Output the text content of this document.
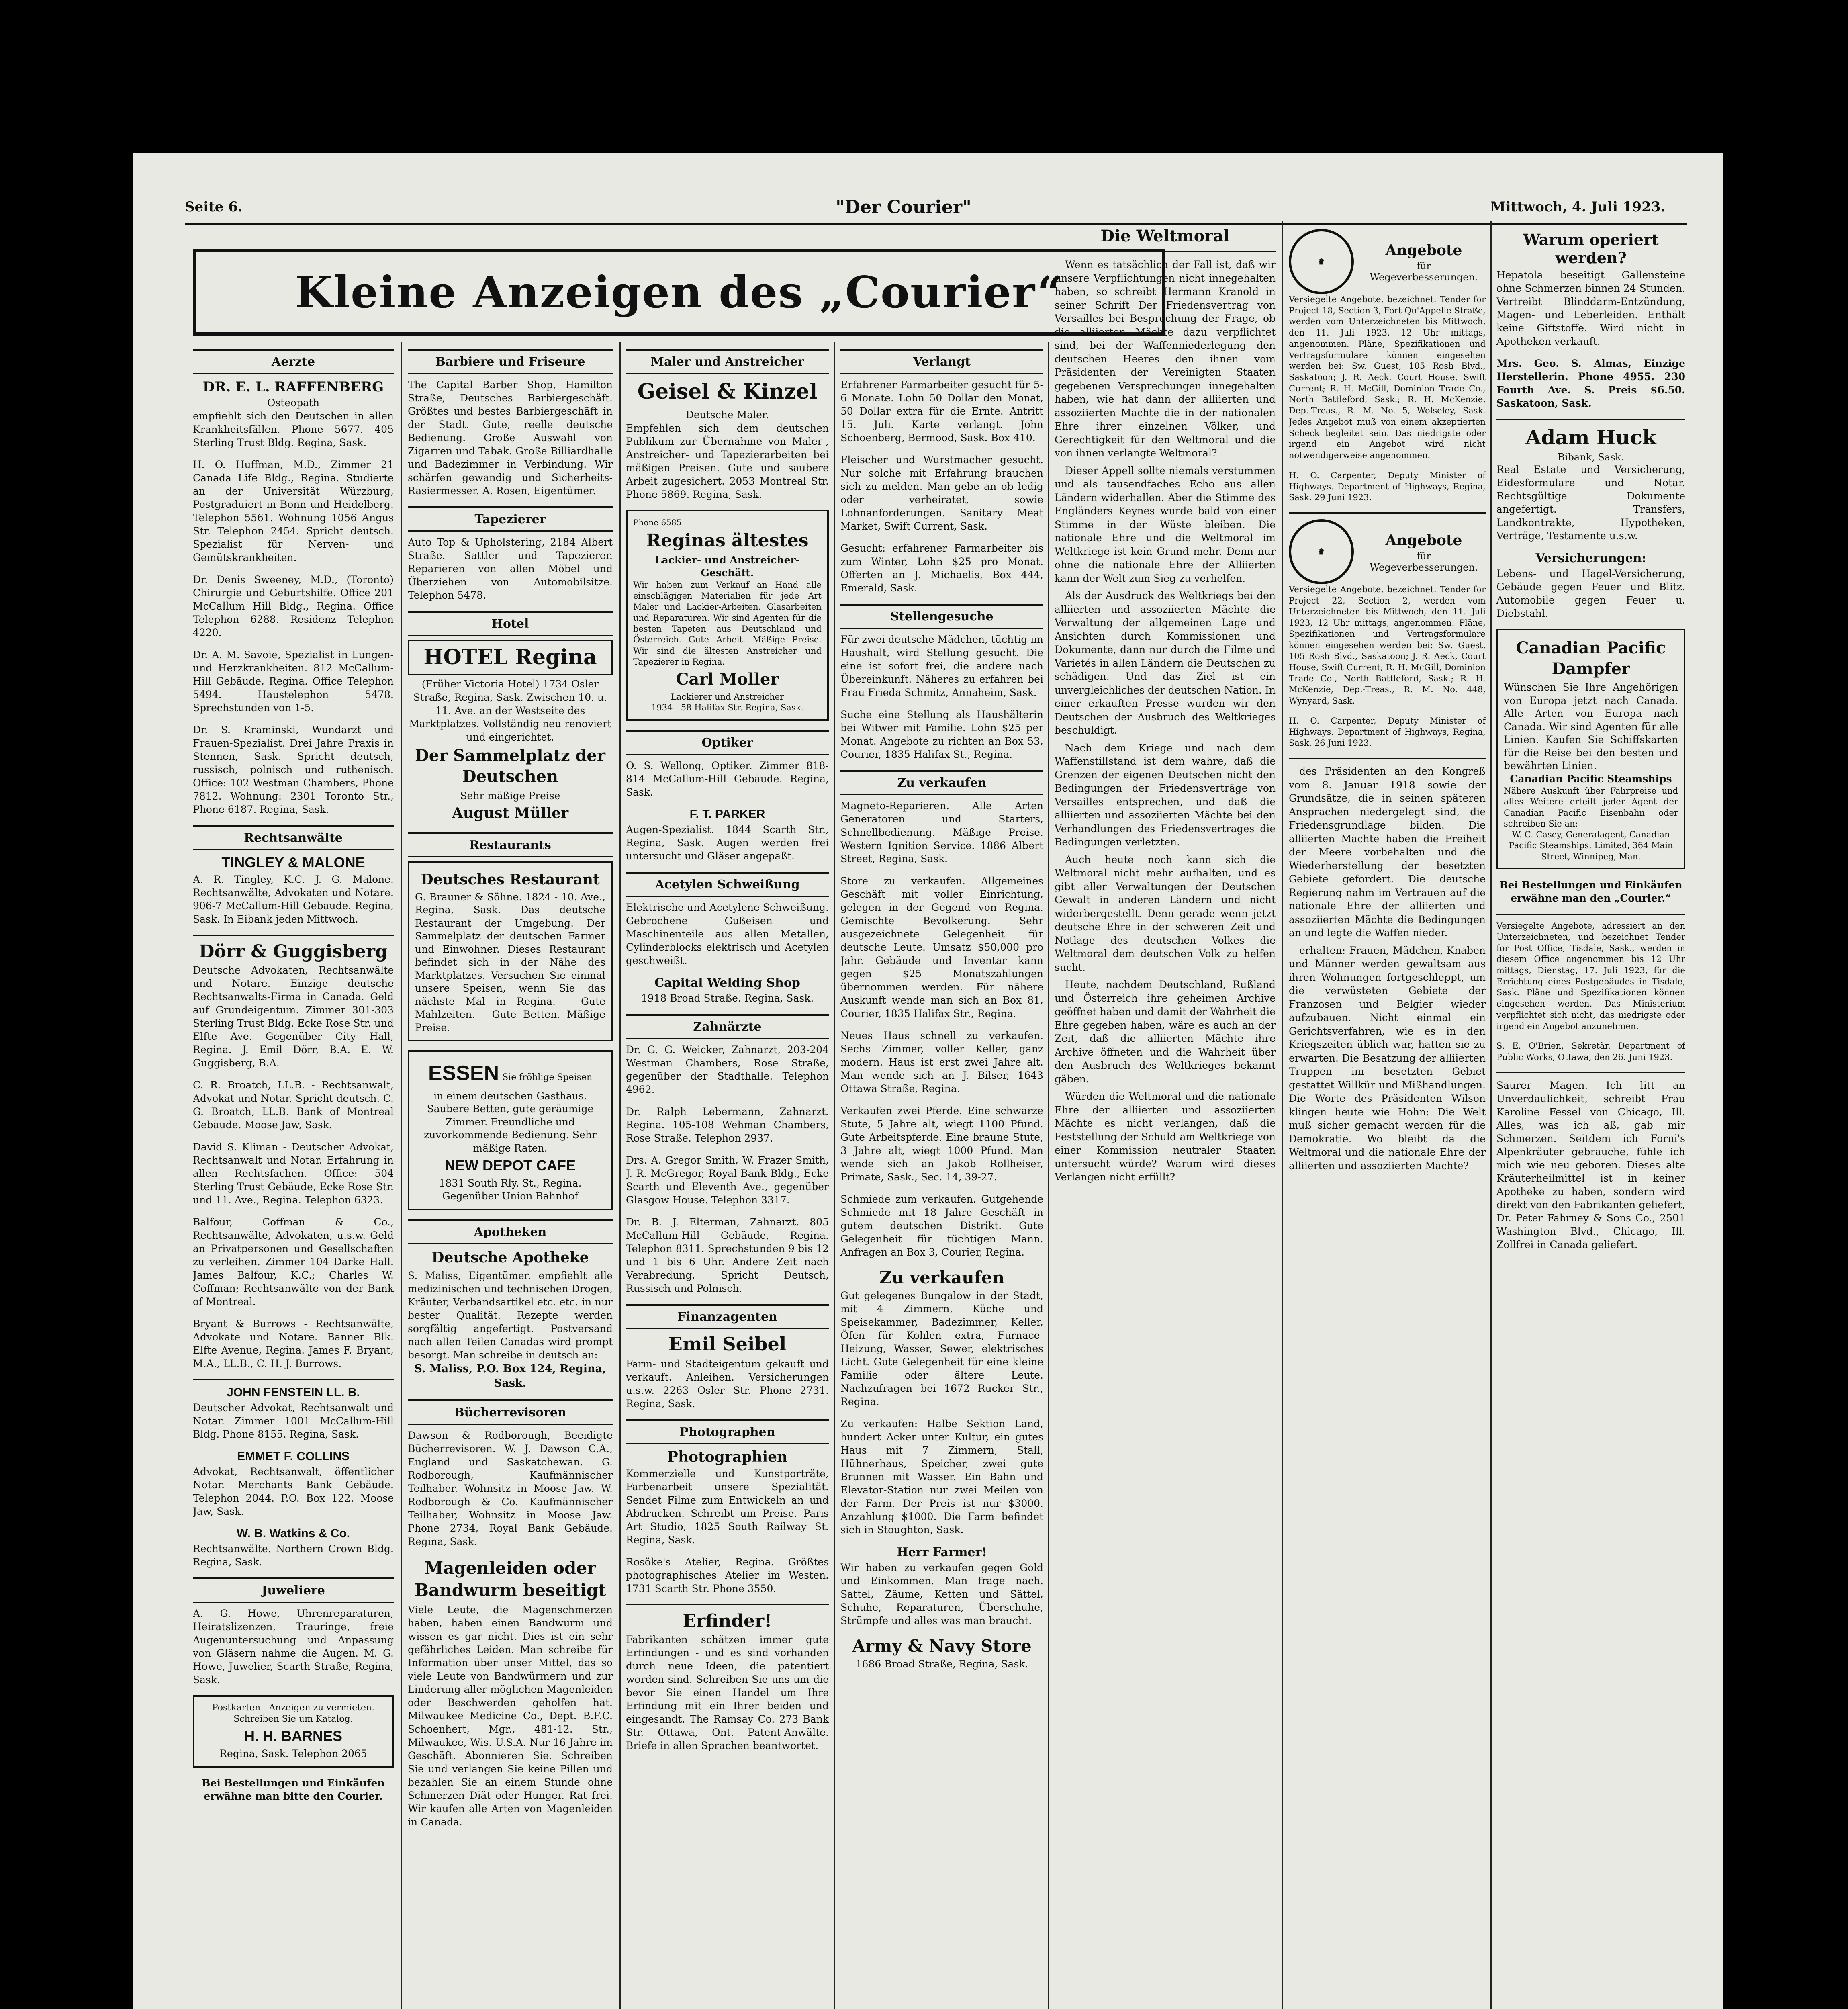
Seite 6.	"Der Courier"	Mittwoch, 4. Juli 1923.
Kleine Anzeigen des „Courier“
Aerzte
DR. E. L. RAFFENBERG
Osteopath
empfiehlt sich den Deutschen in allen Krankheitsfällen. Phone 5677. 405 Sterling Trust Bldg. Regina, Sask.
H. O. Huffman, M.D., Zimmer 21 Canada Life Bldg., Regina. Studierte an der Universität Würzburg, Postgraduiert in Bonn und Heidelberg. Telephon 5561. Wohnung 1056 Angus Str. Telephon 2454. Spricht deutsch. Spezialist für Nerven- und Gemütskrankheiten.
Dr. Denis Sweeney, M.D., (Toronto) Chirurgie und Geburtshilfe. Office 201 McCallum Hill Bldg., Regina. Office Telephon 6288. Residenz Telephon 4220.
Dr. A. M. Savoie, Spezialist in Lungen- und Herzkrankheiten. 812 McCallum-Hill Gebäude, Regina. Office Telephon 5494. Haustelephon 5478. Sprechstunden von 1-5.
Dr. S. Kraminski, Wundarzt und Frauen-Spezialist. Drei Jahre Praxis in Stennen, Sask. Spricht deutsch, russisch, polnisch und ruthenisch. Office: 102 Westman Chambers, Phone 7812. Wohnung: 2301 Toronto Str., Phone 6187. Regina, Sask.
Rechtsanwälte
TINGLEY & MALONE
A. R. Tingley, K.C. J. G. Malone. Rechtsanwälte, Advokaten und Notare. 906-7 McCallum-Hill Gebäude. Regina, Sask. In Eibank jeden Mittwoch.
Dörr & Guggisberg
Deutsche Advokaten, Rechtsanwälte und Notare. Einzige deutsche Rechtsanwalts-Firma in Canada. Geld auf Grundeigentum. Zimmer 301-303 Sterling Trust Bldg. Ecke Rose Str. und Elfte Ave. Gegenüber City Hall, Regina. J. Emil Dörr, B.A. E. W. Guggisberg, B.A.
C. R. Broatch, LL.B. - Rechtsanwalt, Advokat und Notar. Spricht deutsch. C. G. Broatch, LL.B. Bank of Montreal Gebäude. Moose Jaw, Sask.
David S. Kliman - Deutscher Advokat, Rechtsanwalt und Notar. Erfahrung in allen Rechtsfachen. Office: 504 Sterling Trust Gebäude, Ecke Rose Str. und 11. Ave., Regina. Telephon 6323.
Balfour, Coffman & Co., Rechtsanwälte, Advokaten, u.s.w. Geld an Privatpersonen und Gesellschaften zu verleihen. Zimmer 104 Darke Hall. James Balfour, K.C.; Charles W. Coffman; Rechtsanwälte von der Bank of Montreal.
Bryant & Burrows - Rechtsanwälte, Advokate und Notare. Banner Blk. Elfte Avenue, Regina. James F. Bryant, M.A., LL.B., C. H. J. Burrows.
JOHN FENSTEIN LL. B.
Deutscher Advokat, Rechtsanwalt und Notar. Zimmer 1001 McCallum-Hill Bldg. Phone 8155. Regina, Sask.
EMMET F. COLLINS
Advokat, Rechtsanwalt, öffentlicher Notar. Merchants Bank Gebäude. Telephon 2044. P.O. Box 122. Moose Jaw, Sask.
W. B. Watkins & Co.
Rechtsanwälte. Northern Crown Bldg. Regina, Sask.
Juweliere
A. G. Howe, Uhrenreparaturen, Heiratslizenzen, Trauringe, freie Augenuntersuchung und Anpassung von Gläsern nahme die Augen. M. G. Howe, Juwelier, Scarth Straße, Regina, Sask.
Postkarten - Anzeigen zu vermieten. Schreiben Sie um Katalog.
H. H. BARNES
Regina, Sask. Telephon 2065
Bei Bestellungen und Einkäufen erwähne man bitte den Courier.
Barbiere und Friseure
The Capital Barber Shop, Hamilton Straße, Deutsches Barbiergeschäft. Größtes und bestes Barbiergeschäft in der Stadt. Gute, reelle deutsche Bedienung. Große Auswahl von Zigarren und Tabak. Große Billiardhalle und Badezimmer in Verbindung. Wir schärfen gewandig und Sicherheits-Rasiermesser. A. Rosen, Eigentümer.
Tapezierer
Auto Top & Upholstering, 2184 Albert Straße. Sattler und Tapezierer. Reparieren von allen Möbel und Überziehen von Automobilsitze. Telephon 5478.
Hotel
HOTEL Regina
(Früher Victoria Hotel) 1734 Osler Straße, Regina, Sask. Zwischen 10. u. 11. Ave. an der Westseite des Marktplatzes. Vollständig neu renoviert und eingerichtet.
Der Sammelplatz der Deutschen
Sehr mäßige Preise
August Müller
Restaurants
Deutsches Restaurant
G. Brauner & Söhne. 1824 - 10. Ave., Regina, Sask. Das deutsche Restaurant der Umgebung. Der Sammelplatz der deutschen Farmer und Einwohner. Dieses Restaurant befindet sich in der Nähe des Marktplatzes. Versuchen Sie einmal unsere Speisen, wenn Sie das nächste Mal in Regina. - Gute Mahlzeiten. - Gute Betten. Mäßige Preise.
ESSEN Sie fröhlige Speisen
in einem deutschen Gasthaus. Saubere Betten, gute geräumige Zimmer. Freundliche und zuvorkommende Bedienung. Sehr mäßige Raten.
NEW DEPOT CAFE
1831 South Rly. St., Regina. Gegenüber Union Bahnhof
Apotheken
Deutsche Apotheke
S. Maliss, Eigentümer. empfiehlt alle medizinischen und technischen Drogen, Kräuter, Verbandsartikel etc. etc. in nur bester Qualität. Rezepte werden sorgfältig angefertigt. Postversand nach allen Teilen Canadas wird prompt besorgt. Man schreibe in deutsch an:
S. Maliss, P.O. Box 124, Regina, Sask.
Bücherrevisoren
Dawson & Rodborough, Beeidigte Bücherrevisoren. W. J. Dawson C.A., England und Saskatchewan. G. Rodborough, Kaufmännischer Teilhaber. Wohnsitz in Moose Jaw. W. Rodborough & Co. Kaufmännischer Teilhaber, Wohnsitz in Moose Jaw. Phone 2734, Royal Bank Gebäude. Regina, Sask.
Magenleiden oder Bandwurm beseitigt
Viele Leute, die Magenschmerzen haben, haben einen Bandwurm und wissen es gar nicht. Dies ist ein sehr gefährliches Leiden. Man schreibe für Information über unser Mittel, das so viele Leute von Bandwürmern und zur Linderung aller möglichen Magenleiden oder Beschwerden geholfen hat. Milwaukee Medicine Co., Dept. B.F.C. Schoenhert, Mgr., 481-12. Str., Milwaukee, Wis. U.S.A. Nur 16 Jahre im Geschäft. Abonnieren Sie. Schreiben Sie und verlangen Sie keine Pillen und bezahlen Sie an einem Stunde ohne Schmerzen Diät oder Hunger. Rat frei. Wir kaufen alle Arten von Magenleiden in Canada.
Maler und Anstreicher
Geisel & Kinzel
Deutsche Maler.
Empfehlen sich dem deutschen Publikum zur Übernahme von Maler-, Anstreicher- und Tapezierarbeiten bei mäßigen Preisen. Gute und saubere Arbeit zugesichert. 2053 Montreal Str. Phone 5869. Regina, Sask.
Phone 6585
Reginas ältestes
Lackier- und Anstreicher-Geschäft.
Wir haben zum Verkauf an Hand alle einschlägigen Materialien für jede Art Maler und Lackier-Arbeiten. Glasarbeiten und Reparaturen. Wir sind Agenten für die besten Tapeten aus Deutschland und Österreich. Gute Arbeit. Mäßige Preise. Wir sind die ältesten Anstreicher und Tapezierer in Regina.
Carl Moller
Lackierer und Anstreicher
1934 - 58 Halifax Str. Regina, Sask.
Optiker
O. S. Wellong, Optiker. Zimmer 818-814 McCallum-Hill Gebäude. Regina, Sask.
F. T. PARKER
Augen-Spezialist. 1844 Scarth Str., Regina, Sask. Augen werden frei untersucht und Gläser angepaßt.
Acetylen Schweißung
Elektrische und Acetylene Schweißung. Gebrochene Gußeisen und Maschinenteile aus allen Metallen, Cylinderblocks elektrisch und Acetylen geschweißt.
Capital Welding Shop
1918 Broad Straße. Regina, Sask.
Zahnärzte
Dr. G. G. Weicker, Zahnarzt, 203-204 Westman Chambers, Rose Straße, gegenüber der Stadthalle. Telephon 4962.
Dr. Ralph Lebermann, Zahnarzt. Regina. 105-108 Wehman Chambers, Rose Straße. Telephon 2937.
Drs. A. Gregor Smith, W. Frazer Smith, J. R. McGregor, Royal Bank Bldg., Ecke Scarth und Eleventh Ave., gegenüber Glasgow House. Telephon 3317.
Dr. B. J. Elterman, Zahnarzt. 805 McCallum-Hill Gebäude, Regina. Telephon 8311. Sprechstunden 9 bis 12 und 1 bis 6 Uhr. Andere Zeit nach Verabredung. Spricht Deutsch, Russisch und Polnisch.
Finanzagenten
Emil Seibel
Farm- und Stadteigentum gekauft und verkauft. Anleihen. Versicherungen u.s.w. 2263 Osler Str. Phone 2731. Regina, Sask.
Photographen
Photographien
Kommerzielle und Kunstporträte, Farbenarbeit unsere Spezialität. Sendet Filme zum Entwickeln an und Abdrucken. Schreibt um Preise. Paris Art Studio, 1825 South Railway St. Regina, Sask.
Rosöke's Atelier, Regina. Größtes photographisches Atelier im Westen. 1731 Scarth Str. Phone 3550.
Erfinder!
Fabrikanten schätzen immer gute Erfindungen - und es sind vorhanden durch neue Ideen, die patentiert worden sind. Schreiben Sie uns um die bevor Sie einen Handel um Ihre Erfindung mit ein Ihrer beiden und eingesandt. The Ramsay Co. 273 Bank Str. Ottawa, Ont. Patent-Anwälte. Briefe in allen Sprachen beantwortet.
Verlangt
Erfahrener Farmarbeiter gesucht für 5-6 Monate. Lohn 50 Dollar den Monat, 50 Dollar extra für die Ernte. Antritt 15. Juli. Karte verlangt. John Schoenberg, Bermood, Sask. Box 410.
Fleischer und Wurstmacher gesucht. Nur solche mit Erfahrung brauchen sich zu melden. Man gebe an ob ledig oder verheiratet, sowie Lohnanforderungen. Sanitary Meat Market, Swift Current, Sask.
Gesucht: erfahrener Farmarbeiter bis zum Winter, Lohn $25 pro Monat. Offerten an J. Michaelis, Box 444, Emerald, Sask.
Stellengesuche
Für zwei deutsche Mädchen, tüchtig im Haushalt, wird Stellung gesucht. Die eine ist sofort frei, die andere nach Übereinkunft. Näheres zu erfahren bei Frau Frieda Schmitz, Annaheim, Sask.
Suche eine Stellung als Haushälterin bei Witwer mit Familie. Lohn $25 per Monat. Angebote zu richten an Box 53, Courier, 1835 Halifax St., Regina.
Zu verkaufen
Magneto-Reparieren. Alle Arten Generatoren und Starters, Schnellbedienung. Mäßige Preise. Western Ignition Service. 1886 Albert Street, Regina, Sask.
Store zu verkaufen. Allgemeines Geschäft mit voller Einrichtung, gelegen in der Gegend von Regina. Gemischte Bevölkerung. Sehr ausgezeichnete Gelegenheit für deutsche Leute. Umsatz $50,000 pro Jahr. Gebäude und Inventar kann gegen $25 Monatszahlungen übernommen werden. Für nähere Auskunft wende man sich an Box 81, Courier, 1835 Halifax Str., Regina.
Neues Haus schnell zu verkaufen. Sechs Zimmer, voller Keller, ganz modern. Haus ist erst zwei Jahre alt. Man wende sich an J. Bilser, 1643 Ottawa Straße, Regina.
Verkaufen zwei Pferde. Eine schwarze Stute, 5 Jahre alt, wiegt 1100 Pfund. Gute Arbeitspferde. Eine braune Stute, 3 Jahre alt, wiegt 1000 Pfund. Man wende sich an Jakob Rollheiser, Primate, Sask., Sec. 14, 39-27.
Schmiede zum verkaufen. Gutgehende Schmiede mit 18 Jahre Geschäft in gutem deutschen Distrikt. Gute Gelegenheit für tüchtigen Mann. Anfragen an Box 3, Courier, Regina.
Zu verkaufen
Gut gelegenes Bungalow in der Stadt, mit 4 Zimmern, Küche und Speisekammer, Badezimmer, Keller, Öfen für Kohlen extra, Furnace-Heizung, Wasser, Sewer, elektrisches Licht. Gute Gelegenheit für eine kleine Familie oder ältere Leute. Nachzufragen bei 1672 Rucker Str., Regina.
Zu verkaufen: Halbe Sektion Land, hundert Acker unter Kultur, ein gutes Haus mit 7 Zimmern, Stall, Hühnerhaus, Speicher, zwei gute Brunnen mit Wasser. Ein Bahn und Elevator-Station nur zwei Meilen von der Farm. Der Preis ist nur $3000. Anzahlung $1000. Die Farm befindet sich in Stoughton, Sask.
Herr Farmer!
Wir haben zu verkaufen gegen Gold und Einkommen. Man frage nach. Sattel, Zäume, Ketten und Sättel, Schuhe, Reparaturen, Überschuhe, Strümpfe und alles was man braucht.
Army & Navy Store
1686 Broad Straße, Regina, Sask.
Die Weltmoral

Wenn es tatsächlich der Fall ist, daß wir unsere Verpflichtungen nicht innegehalten haben, so schreibt Hermann Kranold in seiner Schrift Der Friedensvertrag von Versailles bei Besprechung der Frage, ob die alliierten Mächte dazu verpflichtet sind, bei der Waffenniederlegung den deutschen Heeres den ihnen vom Präsidenten der Vereinigten Staaten gegebenen Versprechungen innegehalten haben, wie hat dann der alliierten und assoziierten Mächte die in der nationalen Ehre ihrer einzelnen Völker, und Gerechtigkeit für den Weltmoral und die von ihnen verlangte Weltmoral?

Dieser Appell sollte niemals verstummen und als tausendfaches Echo aus allen Ländern widerhallen. Aber die Stimme des Engländers Keynes wurde bald von einer Stimme in der Wüste bleiben. Die nationale Ehre und die Weltmoral im Weltkriege ist kein Grund mehr. Denn nur ohne die nationale Ehre der Alliierten kann der Welt zum Sieg zu verhelfen.

Als der Ausdruck des Weltkriegs bei den alliierten und assoziierten Mächte die Verwaltung der allgemeinen Lage und Ansichten durch Kommissionen und Dokumente, dann nur durch die Filme und Varietés in allen Ländern die Deutschen zu schädigen. Und das Ziel ist ein unvergleichliches der deutschen Nation. In einer erkauften Presse wurden wir den Deutschen der Ausbruch des Weltkrieges beschuldigt.

Nach dem Kriege und nach dem Waffenstillstand ist dem wahre, daß die Grenzen der eigenen Deutschen nicht den Bedingungen der Friedensverträge von Versailles entsprechen, und daß die alliierten und assoziierten Mächte bei den Verhandlungen des Friedensvertrages die Bedingungen verletzten.

Auch heute noch kann sich die Weltmoral nicht mehr aufhalten, und es gibt aller Verwaltungen der Deutschen Gewalt in anderen Ländern und nicht widerbergestellt. Denn gerade wenn jetzt deutsche Ehre in der schweren Zeit und Notlage des deutschen Volkes die Weltmoral dem deutschen Volk zu helfen sucht.

Heute, nachdem Deutschland, Rußland und Österreich ihre geheimen Archive geöffnet haben und damit der Wahrheit die Ehre gegeben haben, wäre es auch an der Zeit, daß die alliierten Mächte ihre Archive öffneten und die Wahrheit über den Ausbruch des Weltkrieges bekannt gäben.

Würden die Weltmoral und die nationale Ehre der alliierten und assoziierten Mächte es nicht verlangen, daß die Feststellung der Schuld am Weltkriege von einer Kommission neutraler Staaten untersucht würde? Warum wird dieses Verlangen nicht erfüllt?

♛
Angebote
für Wegeverbesserungen.
Versiegelte Angebote, bezeichnet: Tender for Project 18, Section 3, Fort Qu'Appelle Straße, werden vom Unterzeichneten bis Mittwoch, den 11. Juli 1923, 12 Uhr mittags, angenommen. Pläne, Spezifikationen und Vertragsformulare können eingesehen werden bei: Sw. Guest, 105 Rosh Blvd., Saskatoon; J. R. Aeck, Court House, Swift Current; R. H. McGill, Dominion Trade Co., North Battleford, Sask.; R. H. McKenzie, Dep.-Treas., R. M. No. 5, Wolseley, Sask. Jedes Angebot muß von einem akzeptierten Scheck begleitet sein. Das niedrigste oder irgend ein Angebot wird nicht notwendigerweise angenommen.
H. O. Carpenter, Deputy Minister of Highways. Department of Highways, Regina, Sask. 29 Juni 1923.
♛
Angebote
für Wegeverbesserungen.
Versiegelte Angebote, bezeichnet: Tender for Project 22, Section 2, werden vom Unterzeichneten bis Mittwoch, den 11. Juli 1923, 12 Uhr mittags, angenommen. Pläne, Spezifikationen und Vertragsformulare können eingesehen werden bei: Sw. Guest, 105 Rosh Blvd., Saskatoon; J. R. Aeck, Court House, Swift Current; R. H. McGill, Dominion Trade Co., North Battleford, Sask.; R. H. McKenzie, Dep.-Treas., R. M. No. 448, Wynyard, Sask.
H. O. Carpenter, Deputy Minister of Highways. Department of Highways, Regina, Sask. 26 Juni 1923.

des Präsidenten an den Kongreß vom 8. Januar 1918 sowie der Grundsätze, die in seinen späteren Ansprachen niedergelegt sind, die Friedensgrundlage bilden. Die alliierten Mächte haben die Freiheit der Meere vorbehalten und die Wiederherstellung der besetzten Gebiete gefordert. Die deutsche Regierung nahm im Vertrauen auf die nationale Ehre der alliierten und assoziierten Mächte die Bedingungen an und legte die Waffen nieder.

erhalten: Frauen, Mädchen, Knaben und Männer werden gewaltsam aus ihren Wohnungen fortgeschleppt, um die verwüsteten Gebiete der Franzosen und Belgier wieder aufzubauen. Nicht einmal ein Gerichtsverfahren, wie es in den Kriegszeiten üblich war, hatten sie zu erwarten. Die Besatzung der alliierten Truppen im besetzten Gebiet gestattet Willkür und Mißhandlungen. Die Worte des Präsidenten Wilson klingen heute wie Hohn: Die Welt muß sicher gemacht werden für die Demokratie. Wo bleibt da die Weltmoral und die nationale Ehre der alliierten und assoziierten Mächte?

Warum operiert werden?
Hepatola beseitigt Gallensteine ohne Schmerzen binnen 24 Stunden. Vertreibt Blinddarm-Entzündung, Magen- und Leberleiden. Enthält keine Giftstoffe. Wird nicht in Apotheken verkauft.
Mrs. Geo. S. Almas, Einzige Herstellerin. Phone 4955. 230 Fourth Ave. S. Preis $6.50. Saskatoon, Sask.
Adam Huck
Bibank, Sask.
Real Estate und Versicherung, Eidesformulare und Notar. Rechtsgültige Dokumente angefertigt. Transfers, Landkontrakte, Hypotheken, Verträge, Testamente u.s.w.
Versicherungen:
Lebens- und Hagel-Versicherung, Gebäude gegen Feuer und Blitz. Automobile gegen Feuer u. Diebstahl.
Canadian Pacific Dampfer
Wünschen Sie Ihre Angehörigen von Europa jetzt nach Canada. Alle Arten von Europa nach Canada. Wir sind Agenten für alle Linien. Kaufen Sie Schiffskarten für die Reise bei den besten und bewährten Linien.
Canadian Pacific Steamships
Nähere Auskunft über Fahrpreise und alles Weitere erteilt jeder Agent der Canadian Pacific Eisenbahn oder schreiben Sie an:
W. C. Casey, Generalagent, Canadian Pacific Steamships, Limited, 364 Main Street, Winnipeg, Man.
Bei Bestellungen und Einkäufen erwähne man den „Courier.“
Versiegelte Angebote, adressiert an den Unterzeichneten, und bezeichnet Tender for Post Office, Tisdale, Sask., werden in diesem Office angenommen bis 12 Uhr mittags, Dienstag, 17. Juli 1923, für die Errichtung eines Postgebäudes in Tisdale, Sask. Pläne und Spezifikationen können eingesehen werden. Das Ministerium verpflichtet sich nicht, das niedrigste oder irgend ein Angebot anzunehmen.
S. E. O'Brien, Sekretär. Department of Public Works, Ottawa, den 26. Juni 1923.
Saurer Magen. Ich litt an Unverdaulichkeit, schreibt Frau Karoline Fessel von Chicago, Ill. Alles, was ich aß, gab mir Schmerzen. Seitdem ich Forni's Alpenkräuter gebrauche, fühle ich mich wie neu geboren. Dieses alte Kräuterheilmittel ist in keiner Apotheke zu haben, sondern wird direkt von den Fabrikanten geliefert, Dr. Peter Fahrney & Sons Co., 2501 Washington Blvd., Chicago, Ill. Zollfrei in Canada geliefert.
